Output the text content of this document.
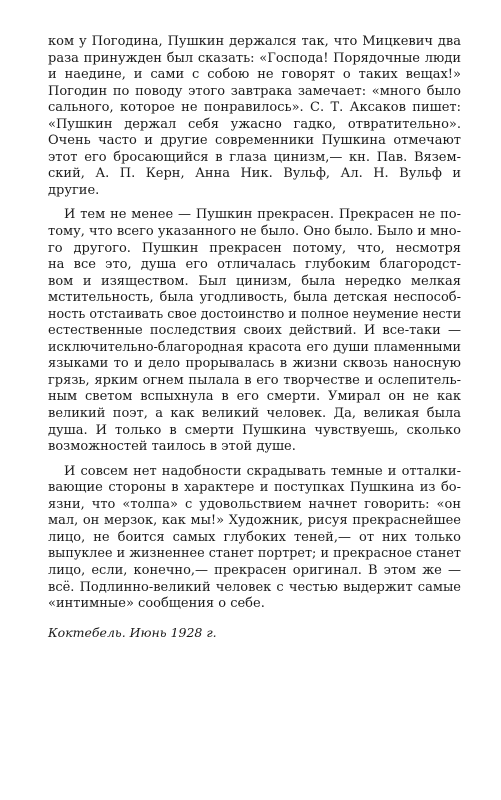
ком у Погодина, Пушкин держался так, что Мицкевич два
раза принужден был сказать: «Господа! Порядочные люди
и наедине, и сами с собою не говорят о таких вещах!»
Погодин по поводу этого завтрака замечает: «много было
сального, которое не понравилось». С. Т. Аксаков пишет:
«Пушкин держал себя ужасно гадко, отвратительно».
Очень часто и другие современники Пушкина отмечают
этот его бросающийся в глаза цинизм,— кн. Пав. Вязем-
ский, А. П. Керн, Анна Ник. Вульф, Ал. Н. Вульф и
другие.

И тем не менее — Пушкин прекрасен. Прекрасен не по-
тому, что всего указанного не было. Оно было. Было и мно-
го другого. Пушкин прекрасен потому, что, несмотря
на все это, душа его отличалась глубоким благородст-
вом и изяществом. Был цинизм, была нередко мелкая
мстительность, была угодливость, была детская неспособ-
ность отстаивать свое достоинство и полное неумение нести
естественные последствия своих действий. И все-таки —
исключительно-благородная красота его души пламенными
языками то и дело прорывалась в жизни сквозь наносную
грязь, ярким огнем пылала в его творчестве и ослепитель-
ным светом вспыхнула в его смерти. Умирал он не как
великий поэт, а как великий человек. Да, великая была
душа. И только в смерти Пушкина чувствуешь, сколько
возможностей таилось в этой душе.

И совсем нет надобности скрадывать темные и отталки-
вающие стороны в характере и поступках Пушкина из бо-
язни, что «толпа» с удовольствием начнет говорить: «он
мал, он мерзок, как мы!» Художник, рисуя прекраснейшее
лицо, не боится самых глубоких теней,— от них только
выпуклее и жизненнее станет портрет; и прекрасное станет
лицо, если, конечно,— прекрасен оригинал. В этом же —
всё. Подлинно-великий человек с честью выдержит самые
«интимные» сообщения о себе.

Коктебель. Июнь 1928 г.
